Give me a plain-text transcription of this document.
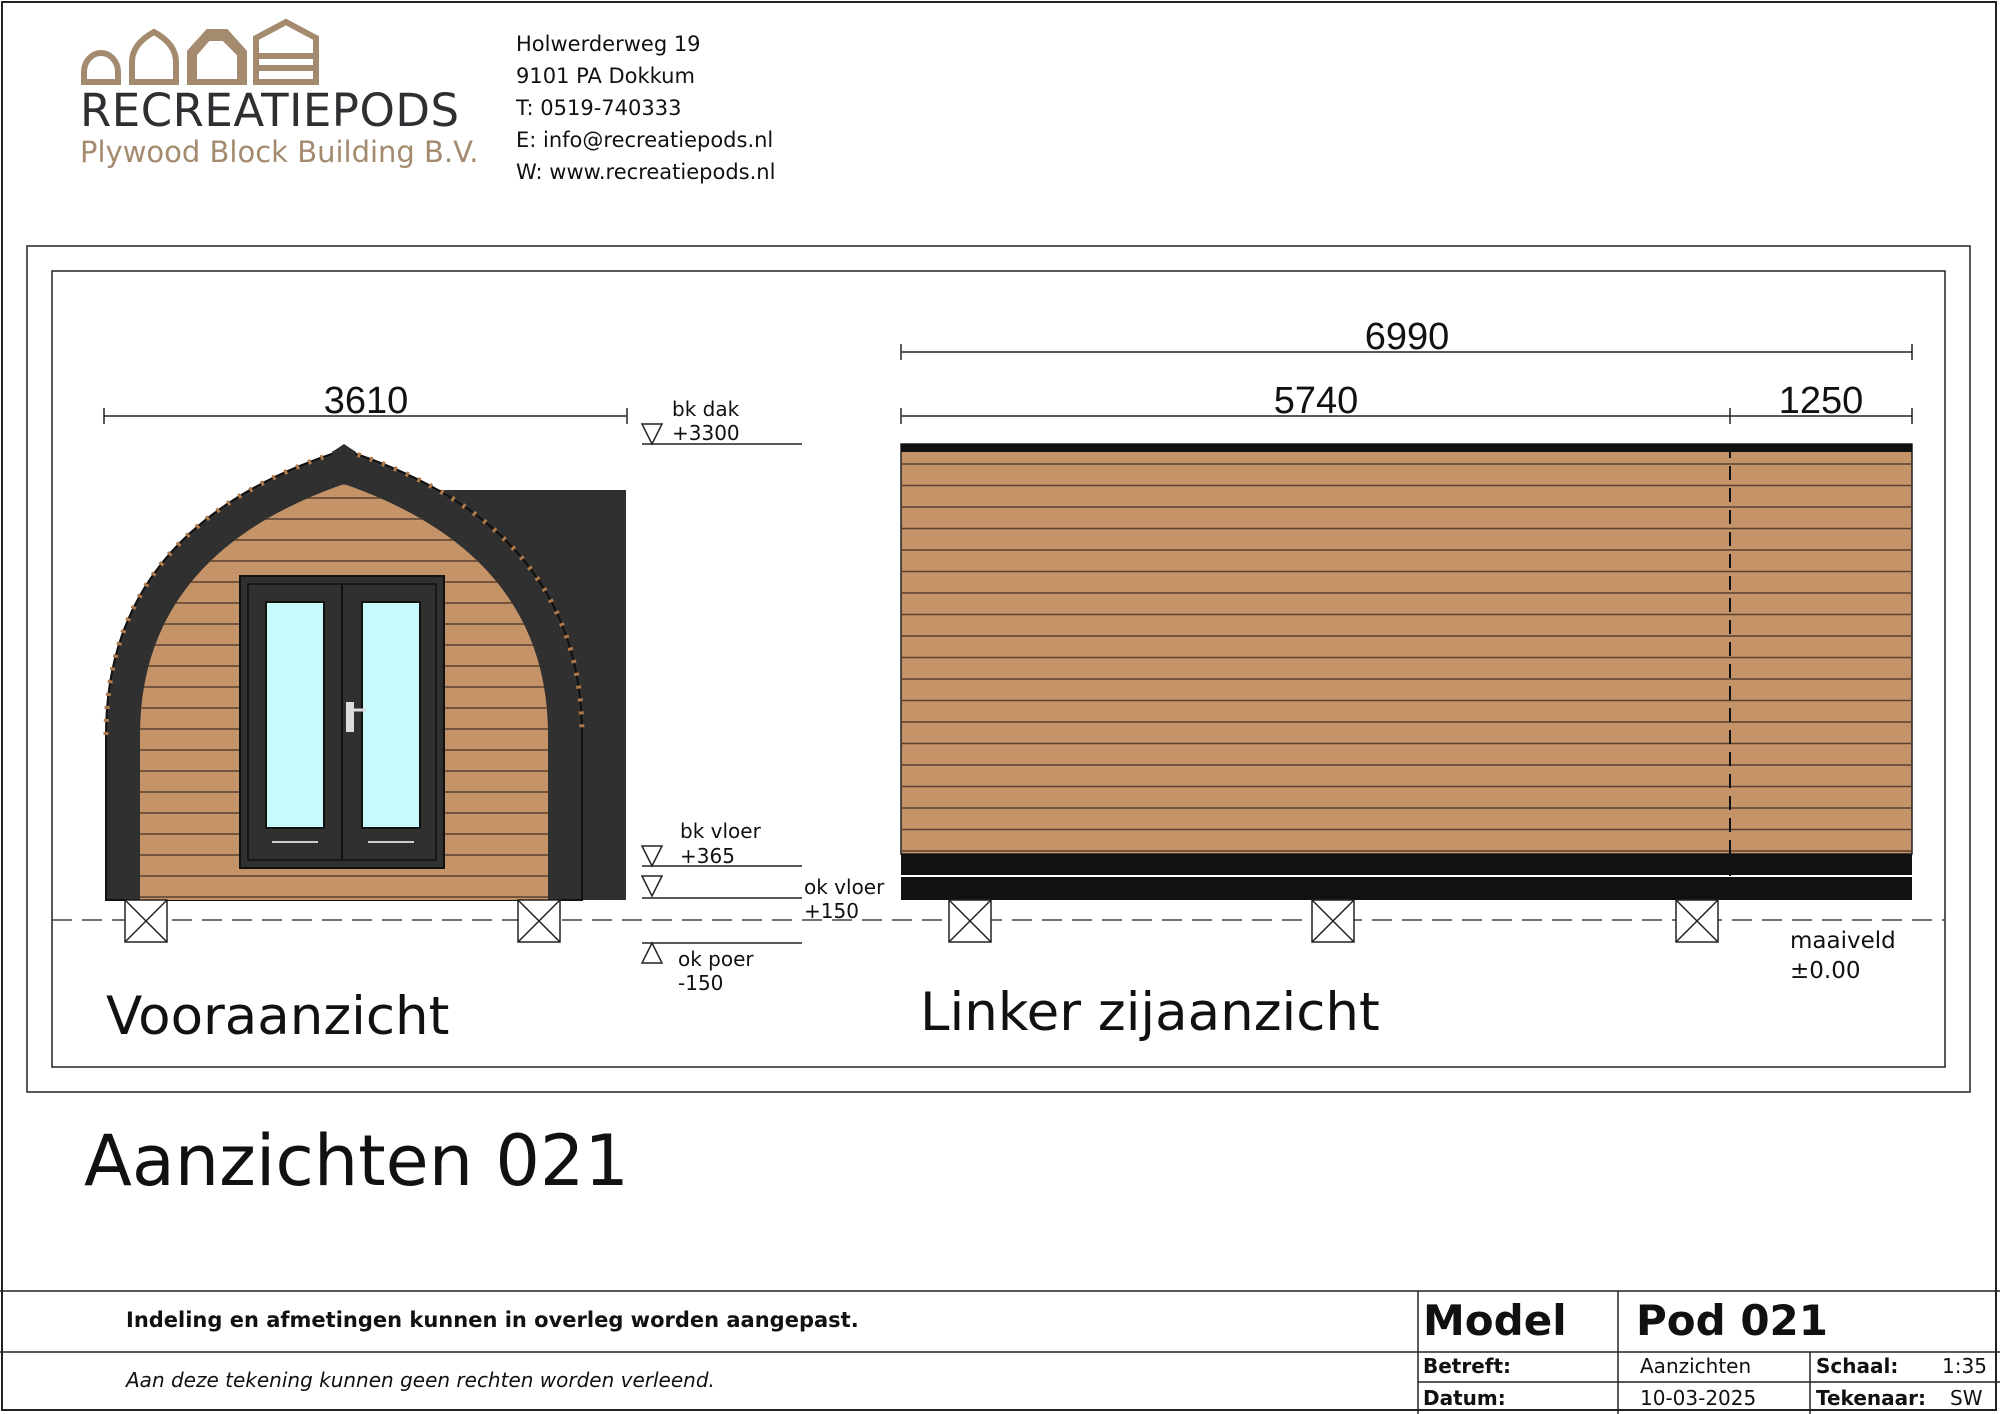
RECREATIEPODS
Plywood Block Building B.V.
Holwerderweg 19
9101 PA Dokkum
T: 0519-740333
E: info@recreatiepods.nl
W: www.recreatiepods.nl
3610	bk dak
+3300
bk vloer
+365
ok vloer
+150
ok poer
-150
maaiveld
±0.00
6990
5740	1250
Vooraanzicht	Linker zijaanzicht
Aanzichten 021
Indeling en afmetingen kunnen in overleg worden aangepast.
Aan deze tekening kunnen geen rechten worden verleend.
Model Pod 021
Betreft:	Aanzichten	Schaal: 1:35
Datum:	10-03-2025	Tekenaar: SW
